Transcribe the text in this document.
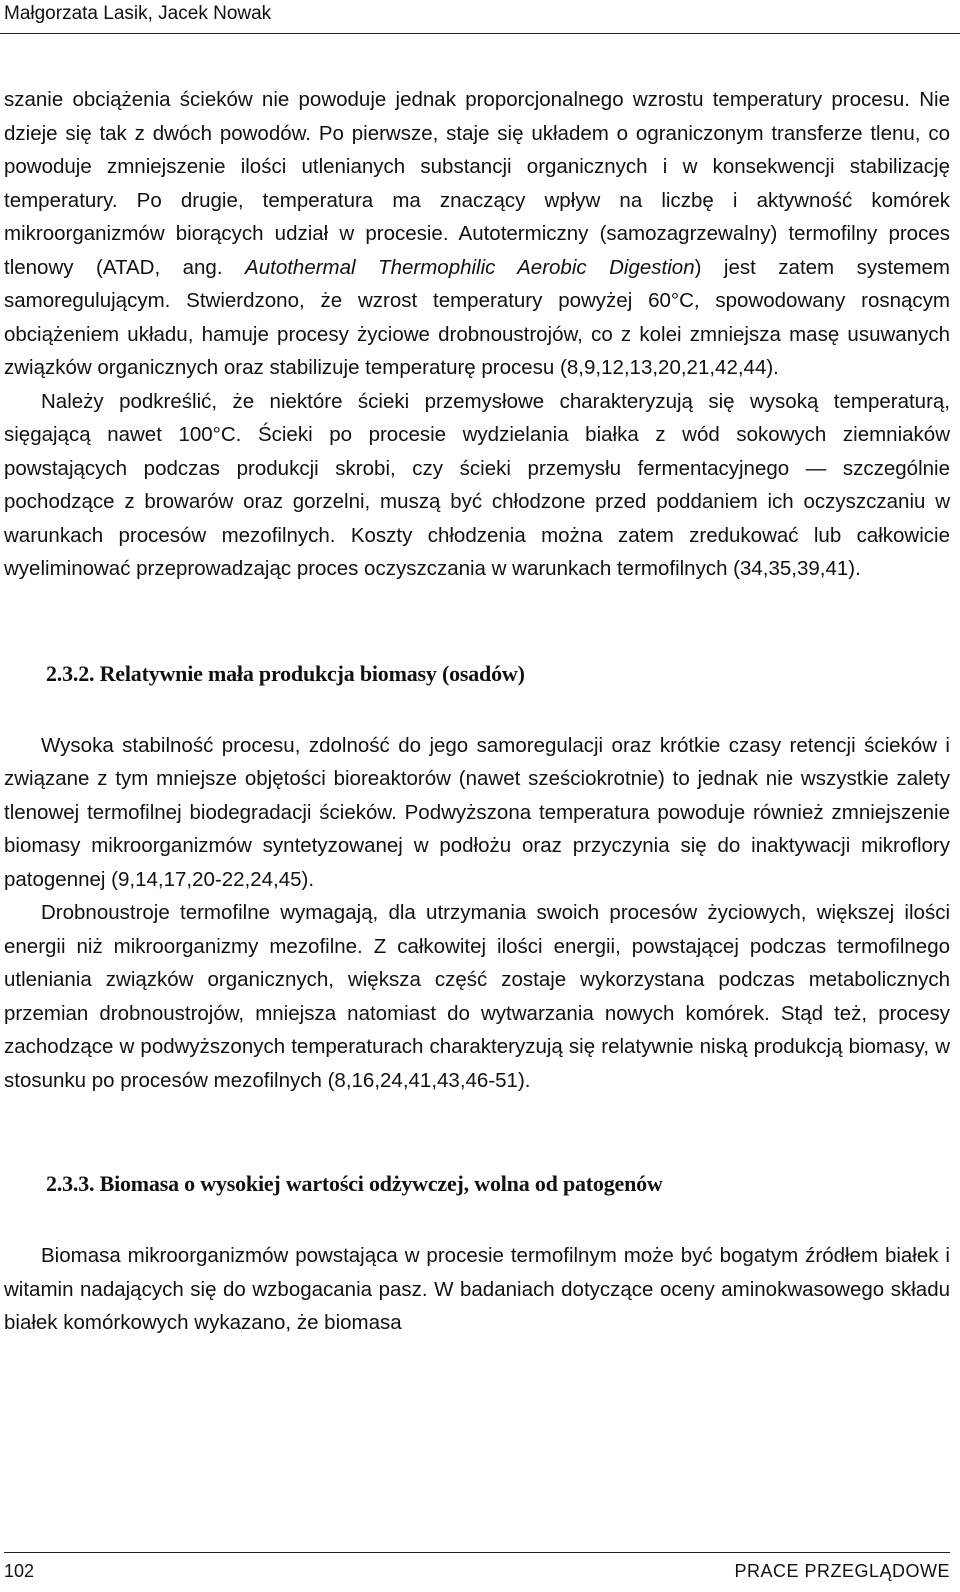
Małgorzata Lasik, Jacek Nowak

szanie obciążenia ścieków nie powoduje jednak proporcjonalnego wzrostu temperatury procesu. Nie dzieje się tak z dwóch powodów. Po pierwsze, staje się układem o ograniczonym transferze tlenu, co powoduje zmniejszenie ilości utlenianych substancji organicznych i w konsekwencji stabilizację temperatury. Po drugie, temperatura ma znaczący wpływ na liczbę i aktywność komórek mikroorganizmów biorących udział w procesie. Autotermiczny (samozagrzewalny) termofilny proces tlenowy (ATAD, ang. Autothermal Thermophilic Aerobic Digestion) jest zatem systemem samoregulującym. Stwierdzono, że wzrost temperatury powyżej 60°C, spowodowany rosnącym obciążeniem układu, hamuje procesy życiowe drobnoustrojów, co z kolei zmniejsza masę usuwanych związków organicznych oraz stabilizuje temperaturę procesu (8,9,12,13,20,21,42,44).

Należy podkreślić, że niektóre ścieki przemysłowe charakteryzują się wysoką temperaturą, sięgającą nawet 100°C. Ścieki po procesie wydzielania białka z wód sokowych ziemniaków powstających podczas produkcji skrobi, czy ścieki przemysłu fermentacyjnego — szczególnie pochodzące z browarów oraz gorzelni, muszą być chłodzone przed poddaniem ich oczyszczaniu w warunkach procesów mezofilnych. Koszty chłodzenia można zatem zredukować lub całkowicie wyeliminować przeprowadzając proces oczyszczania w warunkach termofilnych (34,35,39,41).

2.3.2. Relatywnie mała produkcja biomasy (osadów)

Wysoka stabilność procesu, zdolność do jego samoregulacji oraz krótkie czasy retencji ścieków i związane z tym mniejsze objętości bioreaktorów (nawet sześciokrotnie) to jednak nie wszystkie zalety tlenowej termofilnej biodegradacji ścieków. Podwyższona temperatura powoduje również zmniejszenie biomasy mikroorganizmów syntetyzowanej w podłożu oraz przyczynia się do inaktywacji mikroflory patogennej (9,14,17,20-22,24,45).

Drobnoustroje termofilne wymagają, dla utrzymania swoich procesów życiowych, większej ilości energii niż mikroorganizmy mezofilne. Z całkowitej ilości energii, powstającej podczas termofilnego utleniania związków organicznych, większa część zostaje wykorzystana podczas metabolicznych przemian drobnoustrojów, mniejsza natomiast do wytwarzania nowych komórek. Stąd też, procesy zachodzące w podwyższonych temperaturach charakteryzują się relatywnie niską produkcją biomasy, w stosunku po procesów mezofilnych (8,16,24,41,43,46-51).

2.3.3. Biomasa o wysokiej wartości odżywczej, wolna od patogenów

Biomasa mikroorganizmów powstająca w procesie termofilnym może być bogatym źródłem białek i witamin nadających się do wzbogacania pasz. W badaniach dotyczące oceny aminokwasowego składu białek komórkowych wykazano, że biomasa

102	PRACE PRZEGLĄDOWE
